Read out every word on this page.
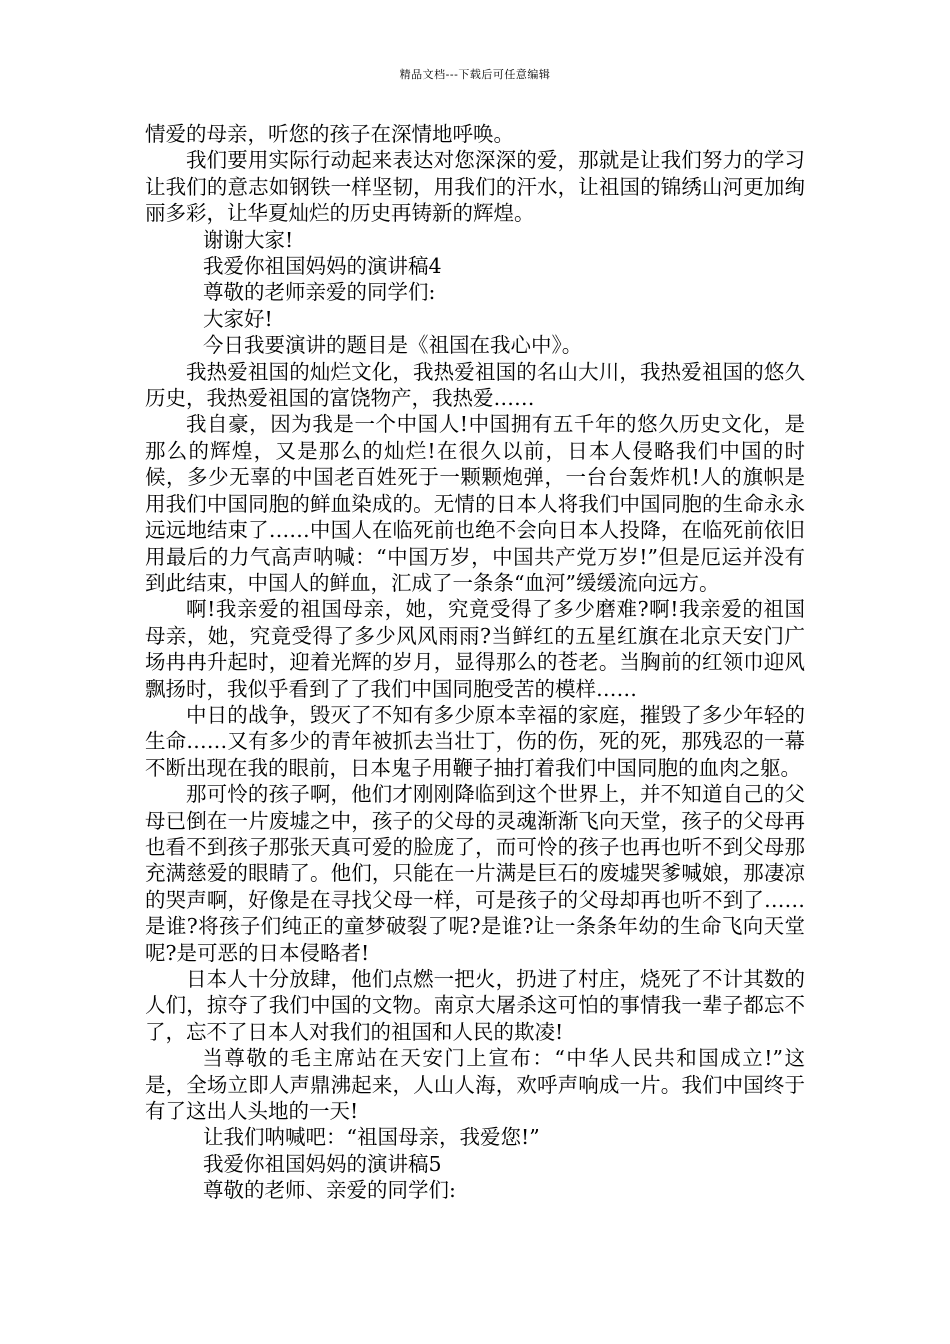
精品文档---下载后可任意编辑

情爱的母亲，听您的孩子在深情地呼唤。

我们要用实际行动起来表达对您深深的爱，那就是让我们努力的学习让我们的意志如钢铁一样坚韧，用我们的汗水，让祖国的锦绣山河更加绚丽多彩，让华夏灿烂的历史再铸新的辉煌。

谢谢大家!

我爱你祖国妈妈的演讲稿4

尊敬的老师亲爱的同学们:

大家好!

今日我要演讲的题目是《祖国在我心中》。

我热爱祖国的灿烂文化，我热爱祖国的名山大川，我热爱祖国的悠久历史，我热爱祖国的富饶物产，我热爱……

我自豪，因为我是一个中国人!中国拥有五千年的悠久历史文化，是那么的辉煌，又是那么的灿烂!在很久以前，日本人侵略我们中国的时候，多少无辜的中国老百姓死于一颗颗炮弹，一台台轰炸机!人的旗帜是用我们中国同胞的鲜血染成的。无情的日本人将我们中国同胞的生命永永远远地结束了……中国人在临死前也绝不会向日本人投降，在临死前依旧用最后的力气高声呐喊：“中国万岁，中国共产党万岁!”但是厄运并没有到此结束，中国人的鲜血，汇成了一条条“血河”缓缓流向远方。

啊!我亲爱的祖国母亲，她，究竟受得了多少磨难?啊!我亲爱的祖国母亲，她，究竟受得了多少风风雨雨?当鲜红的五星红旗在北京天安门广场冉冉升起时，迎着光辉的岁月，显得那么的苍老。当胸前的红领巾迎风飘扬时，我似乎看到了了我们中国同胞受苦的模样……

中日的战争，毁灭了不知有多少原本幸福的家庭，摧毁了多少年轻的生命……又有多少的青年被抓去当壮丁，伤的伤，死的死，那残忍的一幕不断出现在我的眼前，日本鬼子用鞭子抽打着我们中国同胞的血肉之躯。

那可怜的孩子啊，他们才刚刚降临到这个世界上，并不知道自己的父母已倒在一片废墟之中，孩子的父母的灵魂渐渐飞向天堂，孩子的父母再也看不到孩子那张天真可爱的脸庞了，而可怜的孩子也再也听不到父母那充满慈爱的眼睛了。他们，只能在一片满是巨石的废墟哭爹喊娘，那凄凉的哭声啊，好像是在寻找父母一样，可是孩子的父母却再也听不到了……是谁?将孩子们纯正的童梦破裂了呢?是谁?让一条条年幼的生命飞向天堂呢?是可恶的日本侵略者!

日本人十分放肆，他们点燃一把火，扔进了村庄，烧死了不计其数的人们，掠夺了我们中国的文物。南京大屠杀这可怕的事情我一辈子都忘不了，忘不了日本人对我们的祖国和人民的欺凌!

当尊敬的毛主席站在天安门上宣布：“中华人民共和国成立!”这是，全场立即人声鼎沸起来，人山人海，欢呼声响成一片。我们中国终于有了这出人头地的一天!

让我们呐喊吧：“祖国母亲，我爱您!”

我爱你祖国妈妈的演讲稿5

尊敬的老师、亲爱的同学们:
